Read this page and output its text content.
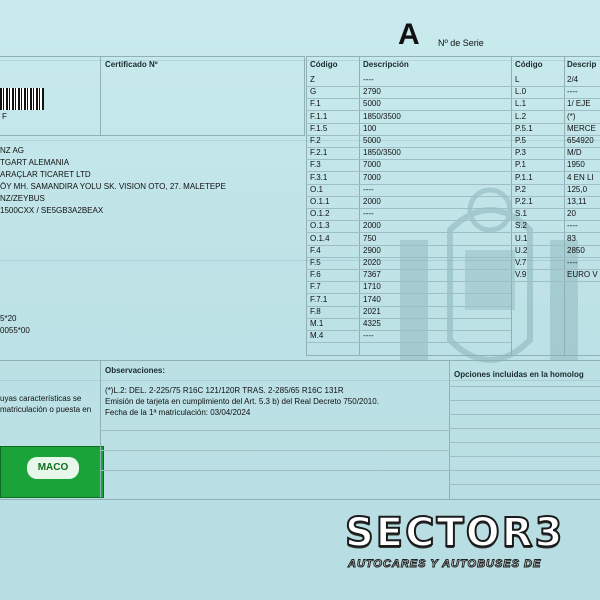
A Nº de Serie
F
Certificado Nº
NZ AG
TGART ALEMANIA
ARAÇLAR TICARET LTD
ÖY MH. SAMANDIRA YOLU SK. VISION OTO, 27. MALETEPE
NZ/ZEYBUS
1500CXX / SE5GB3A2BEAX
5*20
0055*00
Código	Descripción
Z	----
G	2790
F.1	5000
F.1.1	1850/3500
F.1.5	100
F.2	5000
F.2.1	1850/3500
F.3	7000
F.3.1	7000
O.1	----
O.1.1	2000
O.1.2	----
O.1.3	2000
O.1.4	750
F.4	2900
F.5	2020
F.6	7367
F.7	1710
F.7.1	1740
F.8	2021
M.1	4325
M.4	----
Código	Descrip
L	2/4
L.0	----
L.1	1/ EJE
L.2	(*)
P.5.1	MERCE
P.5	654920
P.3	M/D
P.1	1950
P.1.1	4 EN LI
P.2	125,0
P.2.1	13,11
S.1	20
S.2	----
U.1	83
U.2	2850
V.7	----
V.9	EURO V
uyas características se
matriculación o puesta en
MACO
Observaciones:
(*)L.2: DEL. 2-225/75 R16C 121/120R TRAS. 2-285/65 R16C 131R
Emisión de tarjeta en cumplimiento del Art. 5.3 b) del Real Decreto 750/2010.
Fecha de la 1ª matriculación: 03/04/2024
Opciones incluidas en la homolog
SECTOR3
AUTOCARES Y AUTOBUSES DE
